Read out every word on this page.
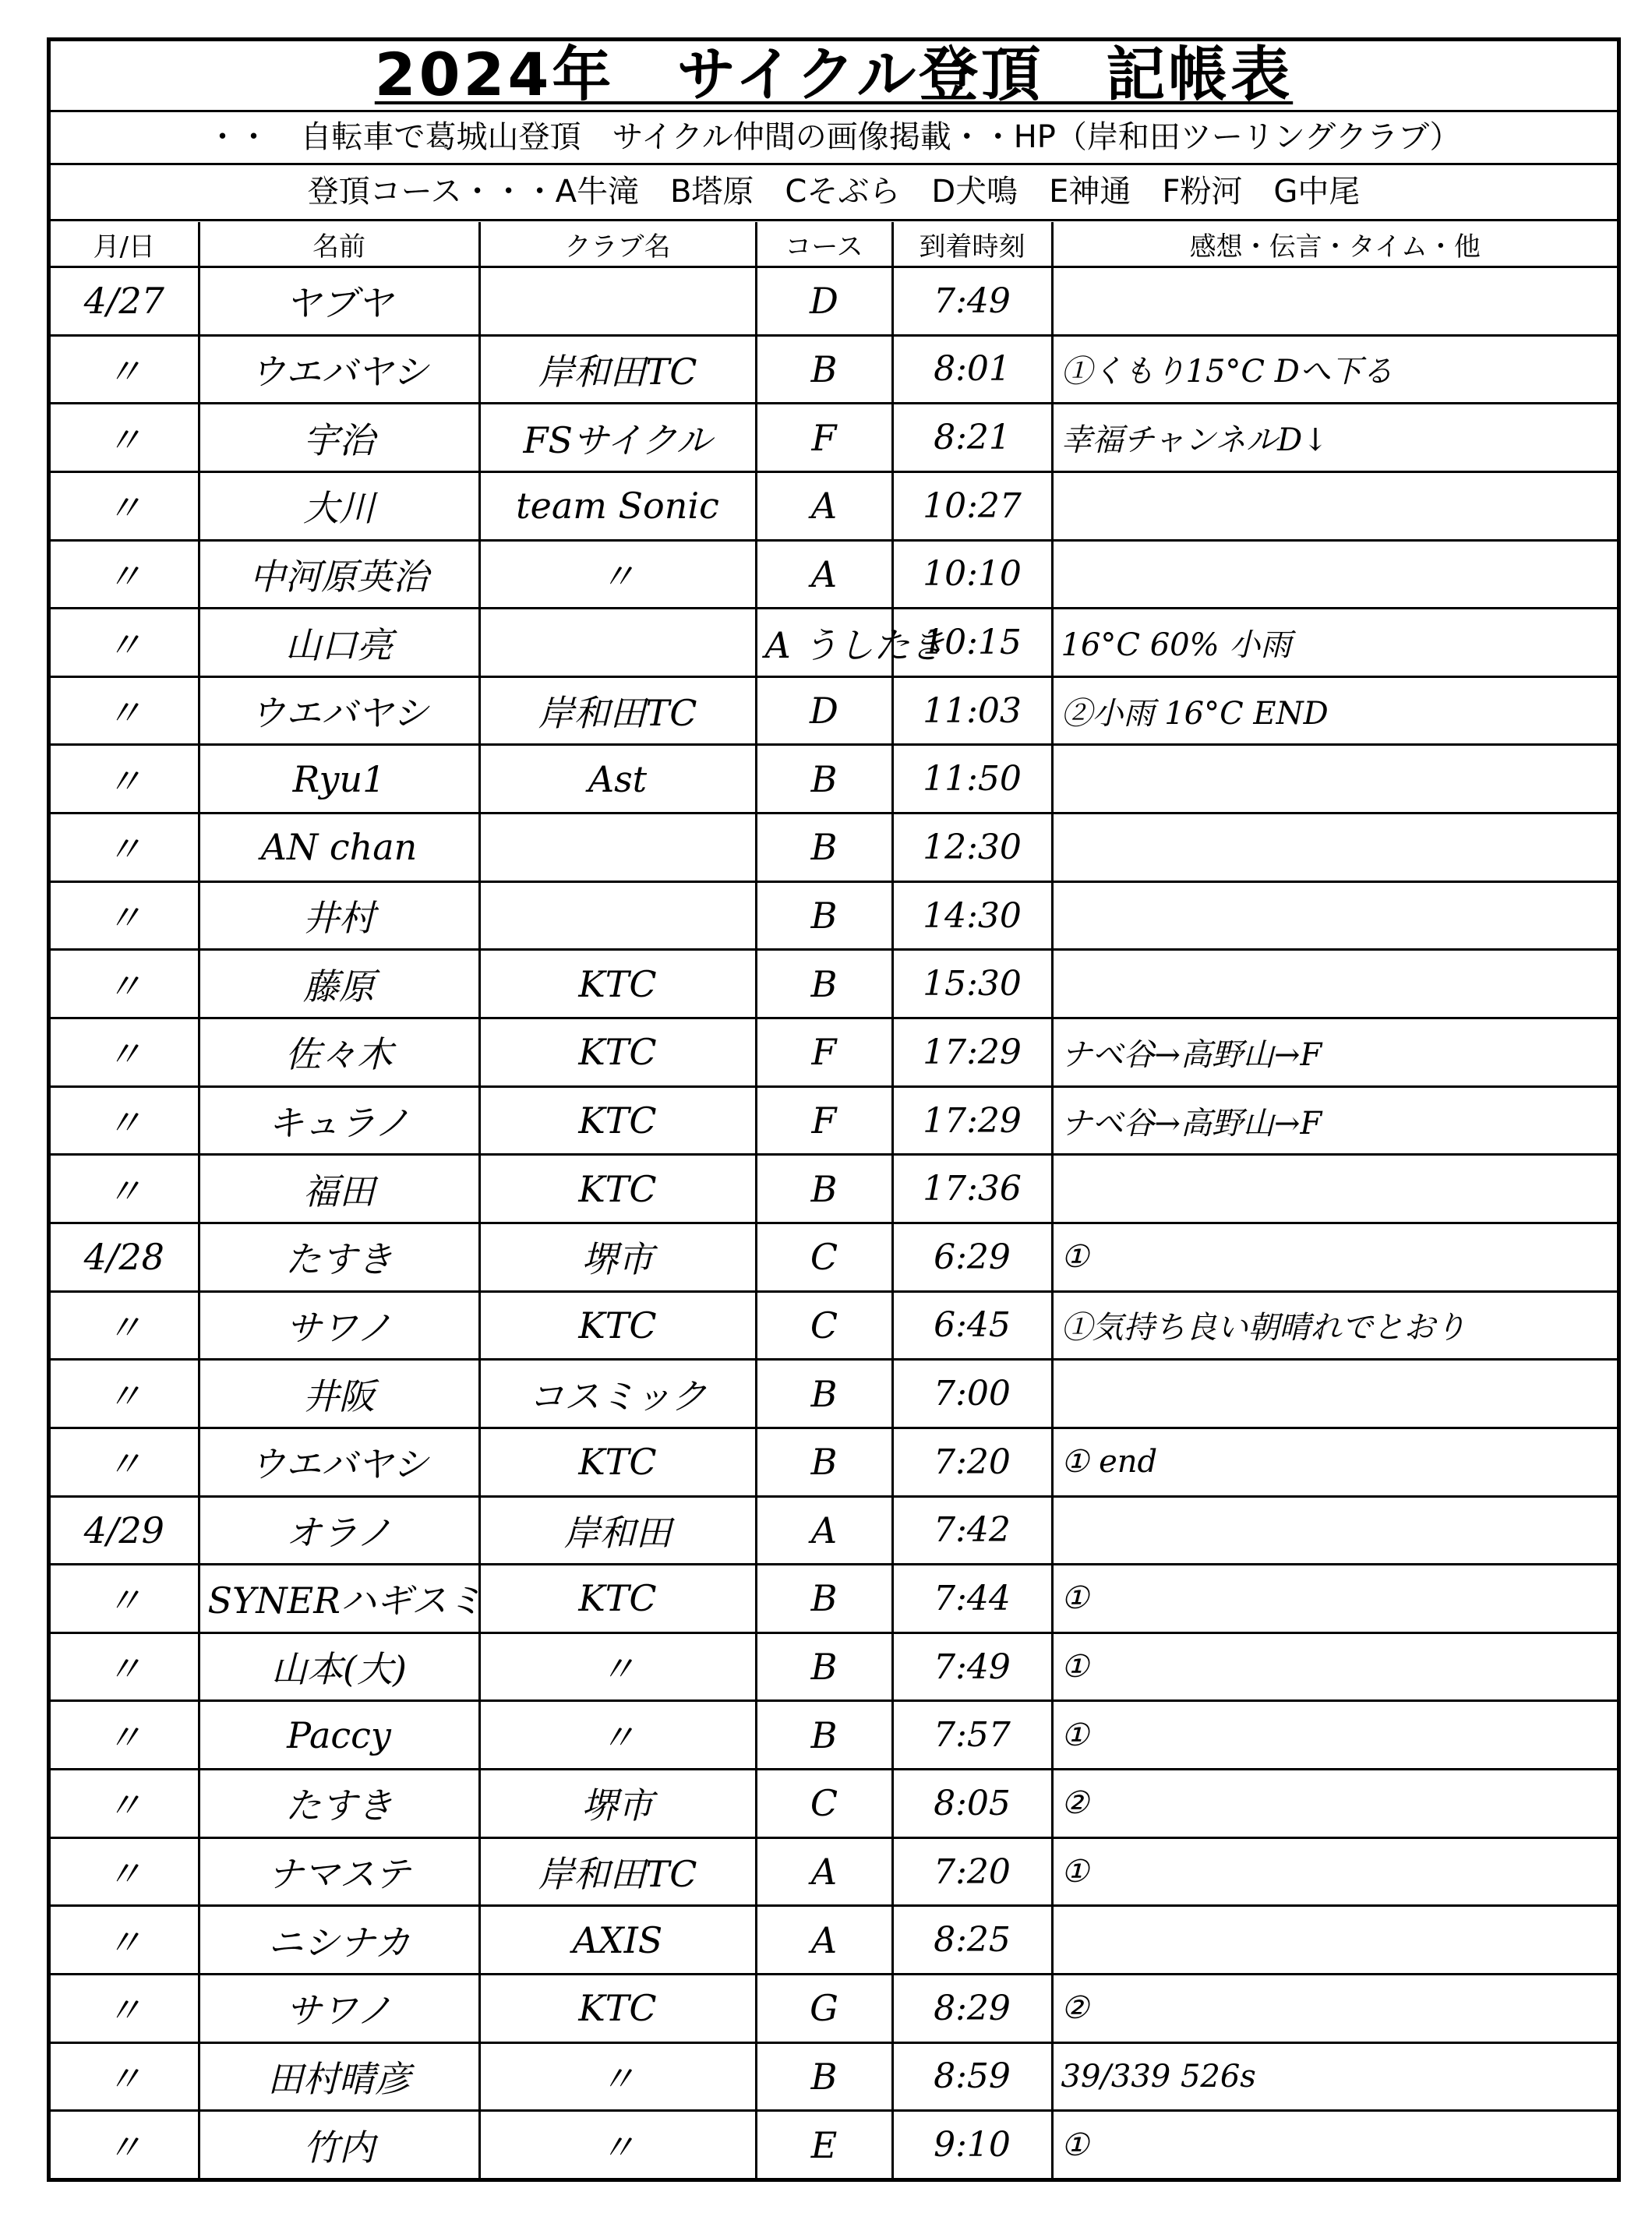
2024年　サイクル登頂　記帳表
・・　自転車で葛城山登頂　サイクル仲間の画像掲載・・HP（岸和田ツーリングクラブ）
登頂コース・・・A牛滝　B塔原　Cそぶら　D犬鳴　E神通　F粉河　G中尾
月/日	名前	クラブ名	コース	到着時刻	感想・伝言・タイム・他
4/27	ヤブヤ		D	7:49	
〃	ウエバヤシ	岸和田TC	B	8:01	①くもり15°C Dへ下る
〃	宇治	FSサイクル	F	8:21	幸福チャンネルD↓
〃	大川	team Sonic	A	10:27	
〃	中河原英治	〃	A	10:10	
〃	山口亮		A うしたき	10:15	16°C 60% 小雨
〃	ウエバヤシ	岸和田TC	D	11:03	②小雨 16°C END
〃	Ryu1	Ast	B	11:50	
〃	AN chan		B	12:30	
〃	井村		B	14:30	
〃	藤原	KTC	B	15:30	
〃	佐々木	KTC	F	17:29	ナベ谷→高野山→F
〃	キュラノ	KTC	F	17:29	ナベ谷→高野山→F
〃	福田	KTC	B	17:36	
4/28	たすき	堺市	C	6:29	①
〃	サワノ	KTC	C	6:45	①気持ち良い朝晴れでとおり
〃	井阪	コスミック	B	7:00	
〃	ウエバヤシ	KTC	B	7:20	① end
4/29	オラノ	岸和田	A	7:42	
〃	SYNERハギスミ	KTC	B	7:44	①
〃	山本(大)	〃	B	7:49	①
〃	Paccy	〃	B	7:57	①
〃	たすき	堺市	C	8:05	②
〃	ナマステ	岸和田TC	A	7:20	①
〃	ニシナカ	AXIS	A	8:25	
〃	サワノ	KTC	G	8:29	②
〃	田村晴彦	〃	B	8:59	39/339 526s
〃	竹内	〃	E	9:10	①
